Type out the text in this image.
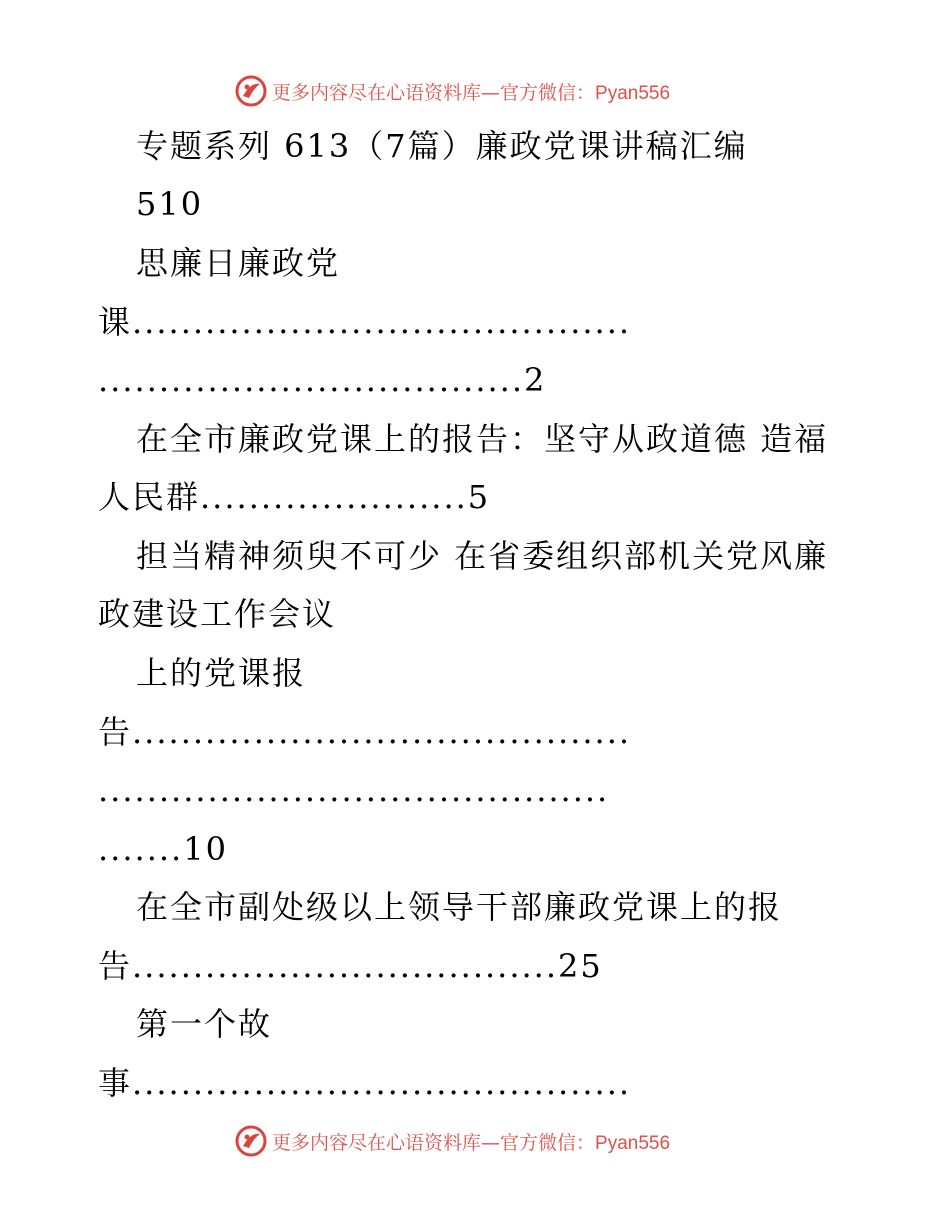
更多内容尽在心语资料库—官方微信：Pyan556
专题系列 613（7篇）廉政党课讲稿汇编
510
思廉日廉政党
课.........................................
...................................2
在全市廉政党课上的报告：坚守从政道德 造福
人民群......................5
担当精神须臾不可少 在省委组织部机关党风廉
政建设工作会议
上的党课报
告.........................................
..........................................
.......10
在全市副处级以上领导干部廉政党课上的报
告...................................25
第一个故
事.........................................
更多内容尽在心语资料库—官方微信：Pyan556
